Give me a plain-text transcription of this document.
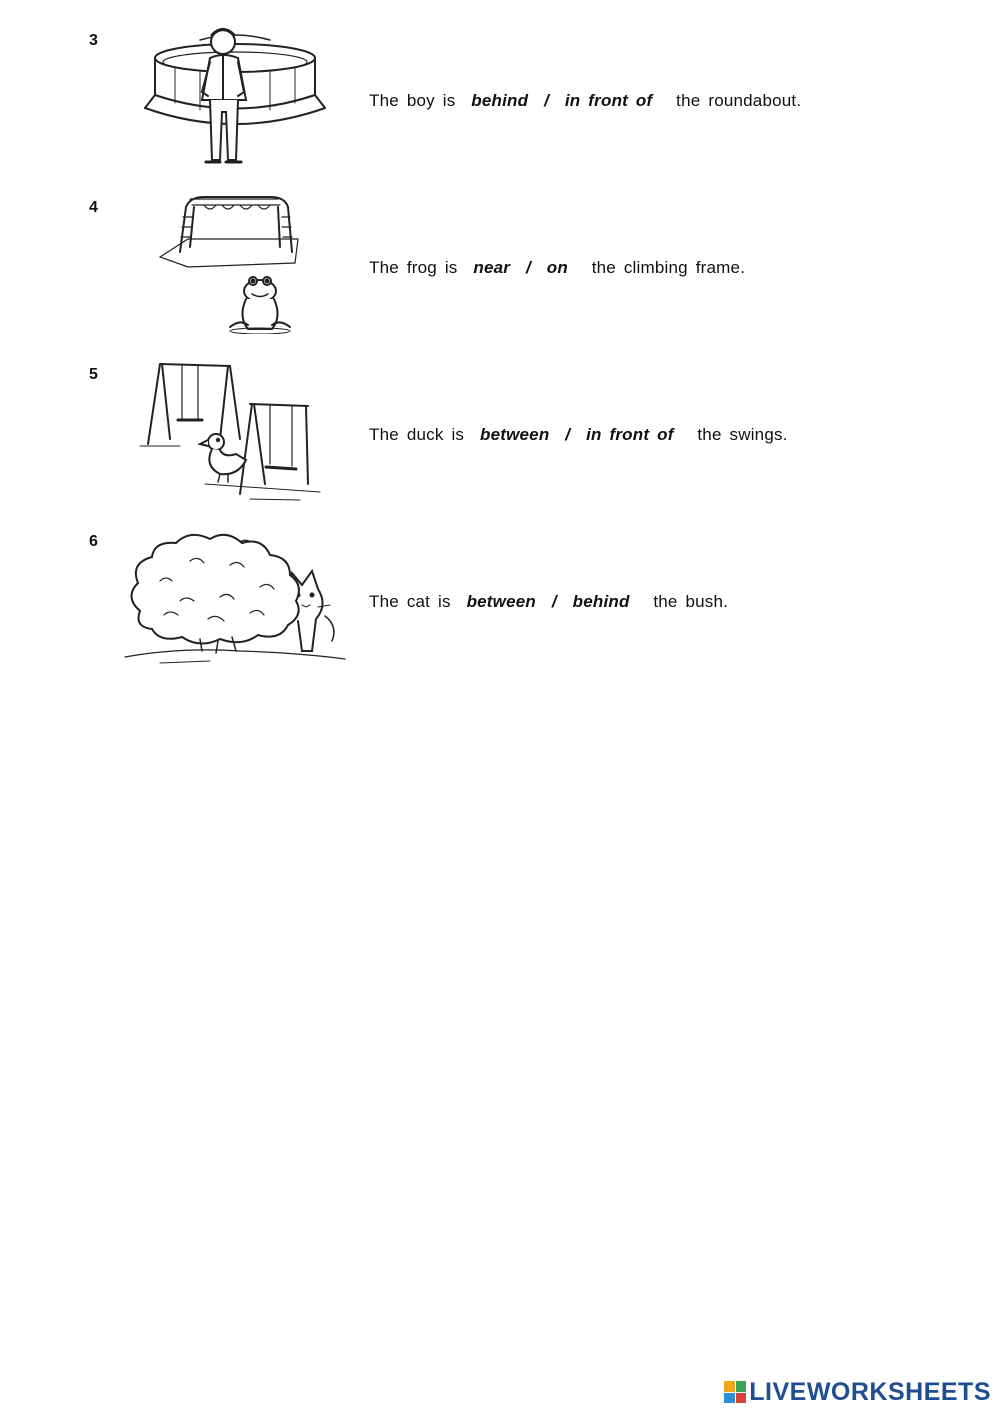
3
The boy is behind / in front of the roundabout.
4
The frog is near / on the climbing frame.
5
The duck is between / in front of the swings.
6
The cat is between / behind the bush.
LIVEWORKSHEETS
